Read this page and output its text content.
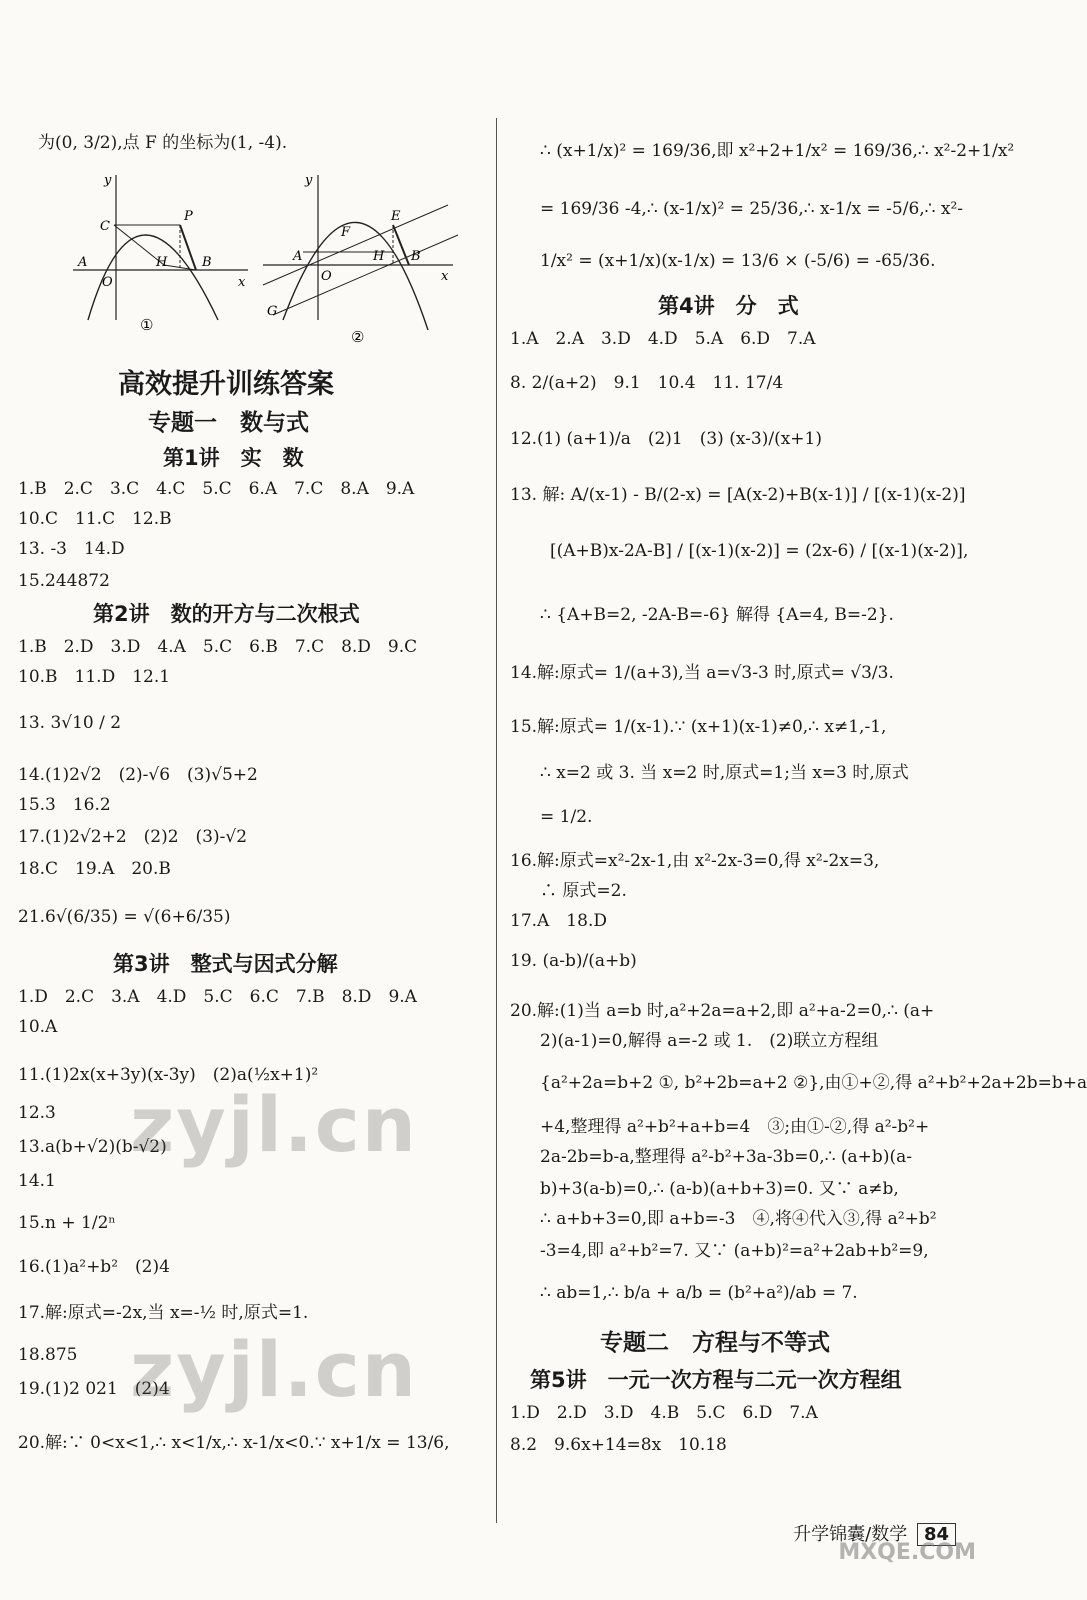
为(0, 3/2),点 F 的坐标为(1, -4).
y
C
P
A	H	B
O	x
①
y
E
F
A	H B
O	x
G
②
高效提升训练答案
专题一　数与式
第1讲　实　数
1.B　2.C　3.C　4.C　5.C　6.A　7.C　8.A　9.A
10.C　11.C　12.B
13. -3　14.D
15.244872
第2讲　数的开方与二次根式
1.B　2.D　3.D　4.A　5.C　6.B　7.C　8.D　9.C
10.B　11.D　12.1
13. 3√10 / 2
14.(1)2√2　(2)-√6　(3)√5+2
15.3　16.2
17.(1)2√2+2　(2)2　(3)-√2
18.C　19.A　20.B
21.6√(6/35) = √(6+6/35)
第3讲　整式与因式分解
1.D　2.C　3.A　4.D　5.C　6.C　7.B　8.D　9.A
10.A
11.(1)2x(x+3y)(x-3y)　(2)a(½x+1)²
12.3
13.a(b+√2)(b-√2)
14.1
15.n + 1/2ⁿ
16.(1)a²+b²　(2)4
17.解:原式=-2x,当 x=-½ 时,原式=1.
18.875
19.(1)2 021　(2)4
20.解:∵ 0<x<1,∴ x<1/x,∴ x-1/x<0.∵ x+1/x = 13/6,
∴ (x+1/x)² = 169/36,即 x²+2+1/x² = 169/36,∴ x²-2+1/x²
= 169/36 -4,∴ (x-1/x)² = 25/36,∴ x-1/x = -5/6,∴ x²-
1/x² = (x+1/x)(x-1/x) = 13/6 × (-5/6) = -65/36.
第4讲　分　式
1.A　2.A　3.D　4.D　5.A　6.D　7.A
8. 2/(a+2)　9.1　10.4　11. 17/4
12.(1) (a+1)/a　(2)1　(3) (x-3)/(x+1)
13. 解: A/(x-1) - B/(2-x) = [A(x-2)+B(x-1)] / [(x-1)(x-2)]
[(A+B)x-2A-B] / [(x-1)(x-2)] = (2x-6) / [(x-1)(x-2)],
∴ {A+B=2, -2A-B=-6} 解得 {A=4, B=-2}.
14.解:原式= 1/(a+3),当 a=√3-3 时,原式= √3/3.
15.解:原式= 1/(x-1).∵ (x+1)(x-1)≠0,∴ x≠1,-1,
∴ x=2 或 3. 当 x=2 时,原式=1;当 x=3 时,原式
= 1/2.
16.解:原式=x²-2x-1,由 x²-2x-3=0,得 x²-2x=3,
∴ 原式=2.
17.A　18.D
19. (a-b)/(a+b)
20.解:(1)当 a=b 时,a²+2a=a+2,即 a²+a-2=0,∴ (a+
2)(a-1)=0,解得 a=-2 或 1.　(2)联立方程组
{a²+2a=b+2 ①, b²+2b=a+2 ②},由①+②,得 a²+b²+2a+2b=b+a
+4,整理得 a²+b²+a+b=4　③;由①-②,得 a²-b²+
2a-2b=b-a,整理得 a²-b²+3a-3b=0,∴ (a+b)(a-
b)+3(a-b)=0,∴ (a-b)(a+b+3)=0. 又∵ a≠b,
∴ a+b+3=0,即 a+b=-3　④,将④代入③,得 a²+b²
-3=4,即 a²+b²=7. 又∵ (a+b)²=a²+2ab+b²=9,
∴ ab=1,∴ b/a + a/b = (b²+a²)/ab = 7.
专题二　方程与不等式
第5讲　一元一次方程与二元一次方程组
1.D　2.D　3.D　4.B　5.C　6.D　7.A
8.2　9.6x+14=8x　10.18
升学锦囊/数学 84
zyjl.cn
zyjl.cn
MXQE.COM
